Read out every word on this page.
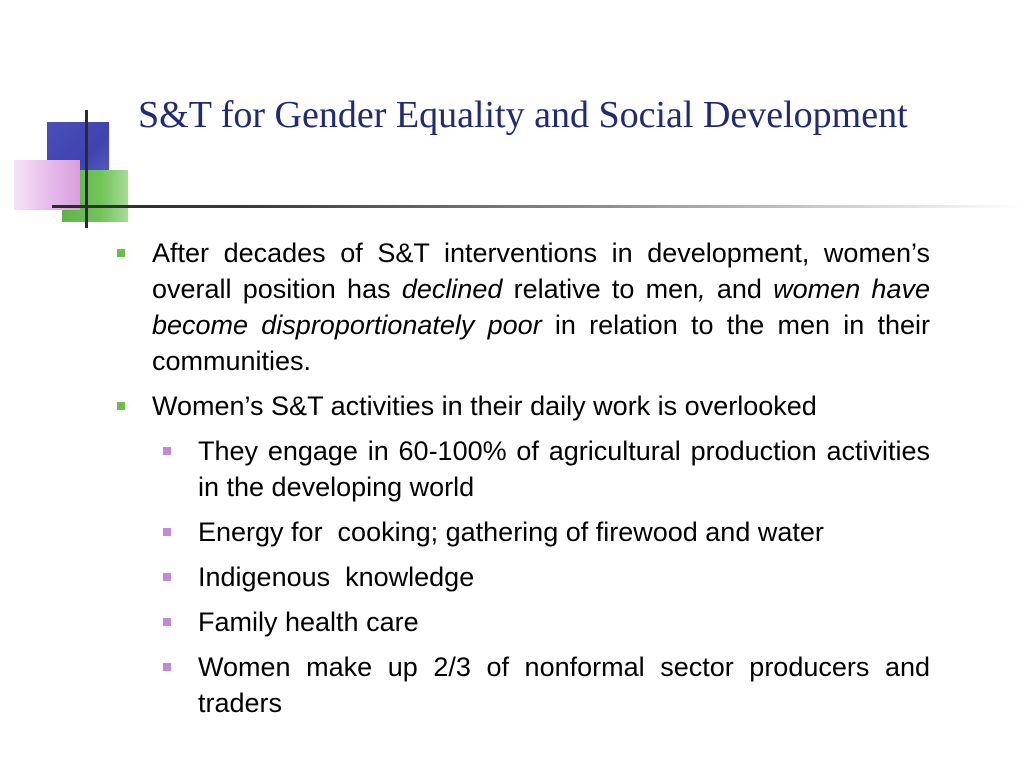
S&T for Gender Equality and Social Development
After decades of S&T interventions in development, women’s overall position has declined relative to men, and women have become disproportionately poor in relation to the men in their communities.
Women’s S&T activities in their daily work is overlooked
They engage in 60-100% of agricultural production activities in the developing world
Energy for  cooking; gathering of firewood and water
Indigenous  knowledge
Family health care
Women make up 2/3 of nonformal sector producers and traders
